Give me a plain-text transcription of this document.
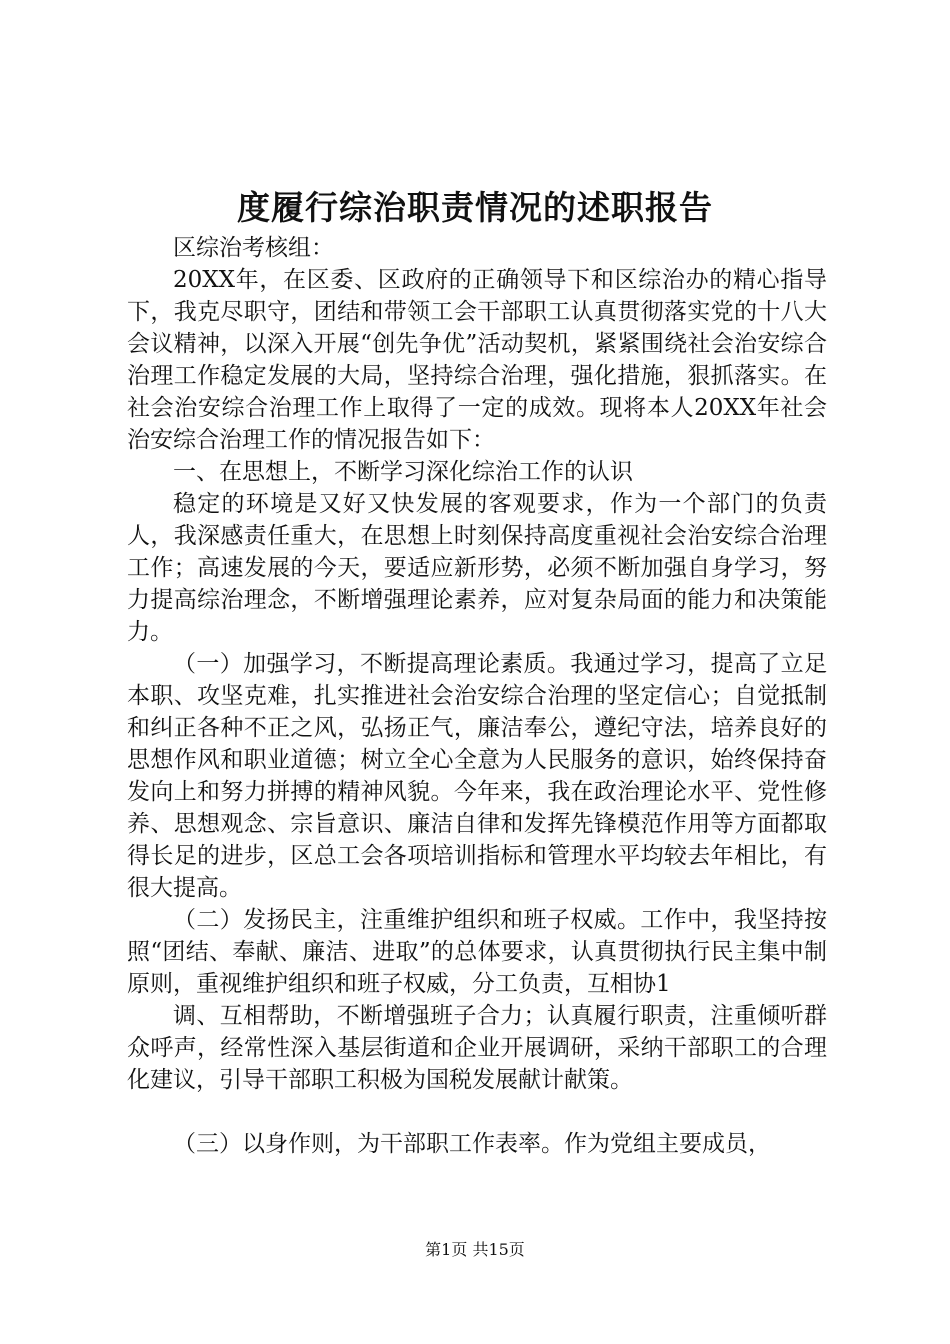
度履行综治职责情况的述职报告

区综治考核组：

20XX年，在区委、区政府的正确领导下和区综治办的精心指导下，我克尽职守，团结和带领工会干部职工认真贯彻落实党的十八大会议精神，以深入开展“创先争优”活动契机，紧紧围绕社会治安综合治理工作稳定发展的大局，坚持综合治理，强化措施，狠抓落实。在社会治安综合治理工作上取得了一定的成效。现将本人20XX年社会治安综合治理工作的情况报告如下：

一、在思想上，不断学习深化综治工作的认识

稳定的环境是又好又快发展的客观要求，作为一个部门的负责人，我深感责任重大，在思想上时刻保持高度重视社会治安综合治理工作；高速发展的今天，要适应新形势，必须不断加强自身学习，努力提高综治理念，不断增强理论素养，应对复杂局面的能力和决策能力。

（一）加强学习，不断提高理论素质。我通过学习，提高了立足本职、攻坚克难，扎实推进社会治安综合治理的坚定信心；自觉抵制和纠正各种不正之风，弘扬正气，廉洁奉公，遵纪守法，培养良好的思想作风和职业道德；树立全心全意为人民服务的意识，始终保持奋发向上和努力拼搏的精神风貌。今年来，我在政治理论水平、党性修养、思想观念、宗旨意识、廉洁自律和发挥先锋模范作用等方面都取得长足的进步，区总工会各项培训指标和管理水平均较去年相比，有很大提高。

（二）发扬民主，注重维护组织和班子权威。工作中，我坚持按照“团结、奉献、廉洁、进取”的总体要求，认真贯彻执行民主集中制原则，重视维护组织和班子权威，分工负责，互相协1

调、互相帮助，不断增强班子合力；认真履行职责，注重倾听群众呼声，经常性深入基层街道和企业开展调研，采纳干部职工的合理化建议，引导干部职工积极为国税发展献计献策。

（三）以身作则，为干部职工作表率。作为党组主要成员，

第1页 共15页
